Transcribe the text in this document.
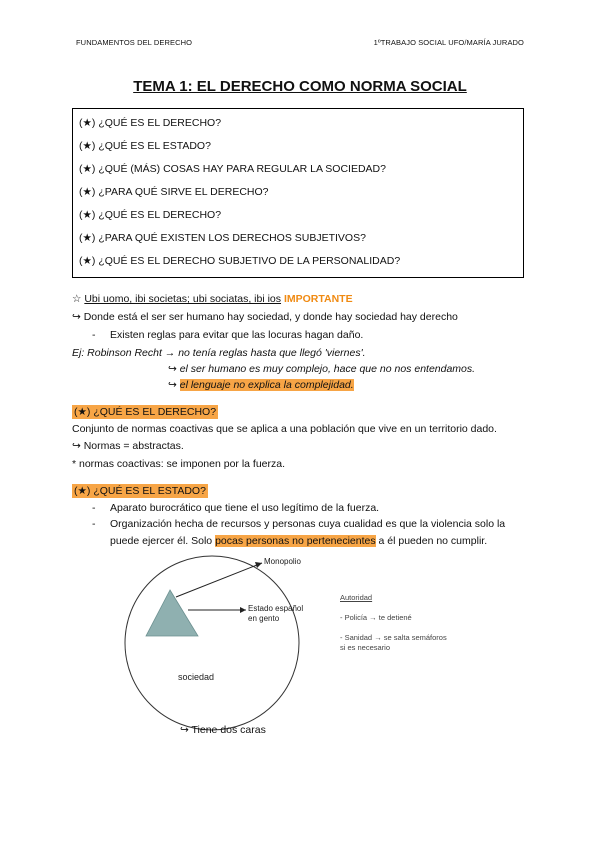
FUNDAMENTOS DEL DERECHO	1ºTRABAJO SOCIAL UFO/MARÍA JURADO
TEMA 1: EL DERECHO COMO NORMA SOCIAL
(★) ¿QUÉ ES EL DERECHO?
(★) ¿QUÉ ES EL ESTADO?
(★) ¿QUÉ (MÁS) COSAS HAY PARA REGULAR LA SOCIEDAD?
(★) ¿PARA QUÉ SIRVE EL DERECHO?
(★) ¿QUÉ ES EL DERECHO?
(★) ¿PARA QUÉ EXISTEN LOS DERECHOS SUBJETIVOS?
(★) ¿QUÉ ES EL DERECHO SUBJETIVO DE LA PERSONALIDAD?
☆ Ubi uomo, ibi societas; ubi sociatas, ibi ios IMPORTANTE
↪ Donde está el ser ser humano hay sociedad, y donde hay sociedad hay derecho
- Existen reglas para evitar que las locuras hagan daño.
Ej: Robinson Recht → no tenía reglas hasta que llegó 'viernes'.
↪ el ser humano es muy complejo, hace que no nos entendamos.
↪ el lenguaje no explica la complejidad.
(★) ¿QUÉ ES EL DERECHO?
Conjunto de normas coactivas que se aplica a una población que vive en un territorio dado.
↪ Normas = abstractas.
* normas coactivas: se imponen por la fuerza.
(★) ¿QUÉ ES EL ESTADO?
- Aparato burocrático que tiene el uso legítimo de la fuerza.
- Organización hecha de recursos y personas cuya cualidad es que la violencia solo la
puede ejercer él. Solo pocas personas no pertenecientes a él pueden no cumplir.
Monopolio
Estado español
en gento
sociedad
Autoridad
- Policía → te detiené
- Sanidad → se salta semáforos
si es necesario
↪ Tiene dos caras
